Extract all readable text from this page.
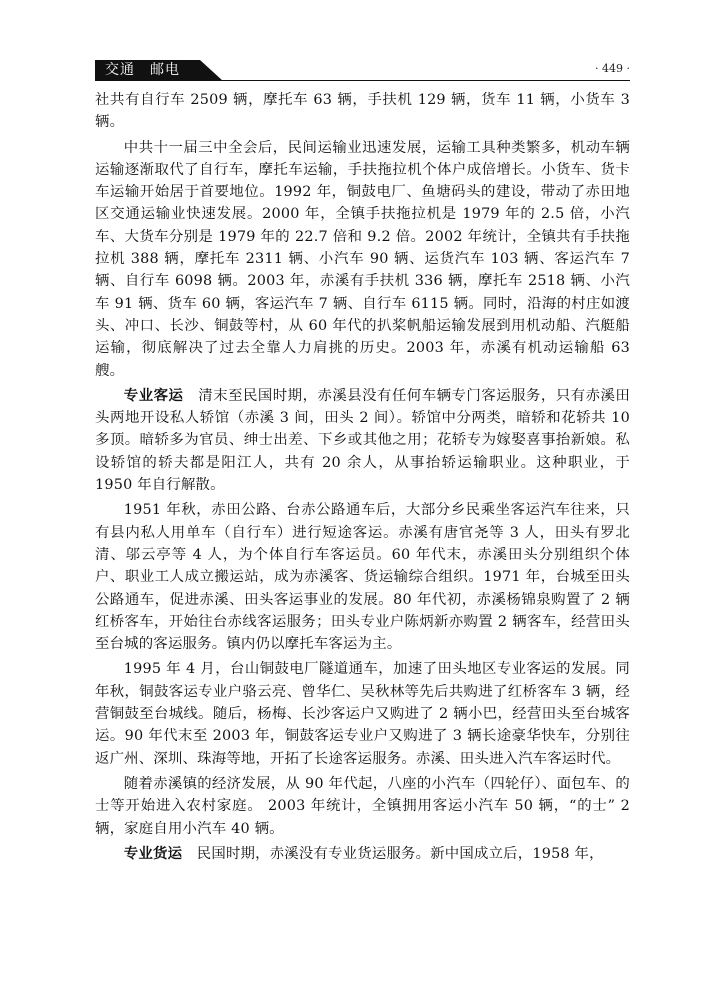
交通　邮电	· 449 ·

社共有自行车 2509 辆，摩托车 63 辆，手扶机 129 辆，货车 11 辆，小货车 3 辆。

中共十一届三中全会后，民间运输业迅速发展，运输工具种类繁多，机动车辆运输逐渐取代了自行车，摩托车运输，手扶拖拉机个体户成倍增长。小货车、货卡车运输开始居于首要地位。1992 年，铜鼓电厂、鱼塘码头的建设，带动了赤田地区交通运输业快速发展。2000 年，全镇手扶拖拉机是 1979 年的 2.5 倍，小汽车、大货车分别是 1979 年的 22.7 倍和 9.2 倍。2002 年统计，全镇共有手扶拖拉机 388 辆，摩托车 2311 辆、小汽车 90 辆、运货汽车 103 辆、客运汽车 7 辆、自行车 6098 辆。2003 年，赤溪有手扶机 336 辆，摩托车 2518 辆、小汽车 91 辆、货车 60 辆，客运汽车 7 辆、自行车 6115 辆。同时，沿海的村庄如渡头、冲口、长沙、铜鼓等村，从 60 年代的扒桨帆船运输发展到用机动船、汽艇船运输，彻底解决了过去全靠人力肩挑的历史。2003 年，赤溪有机动运输船 63 艘。

专业客运　 清末至民国时期，赤溪县没有任何车辆专门客运服务，只有赤溪田头两地开设私人轿馆（赤溪 3 间，田头 2 间）。轿馆中分两类，暗轿和花轿共 10 多顶。暗轿多为官员、绅士出差、下乡或其他之用；花轿专为嫁娶喜事抬新娘。私设轿馆的轿夫都是阳江人，共有 20 余人，从事抬轿运输职业。这种职业，于 1950 年自行解散。

1951 年秋，赤田公路、台赤公路通车后，大部分乡民乘坐客运汽车往来，只有县内私人用单车（自行车）进行短途客运。赤溪有唐官尧等 3 人，田头有罗北清、邬云亭等 4 人，为个体自行车客运员。60 年代末，赤溪田头分别组织个体户、职业工人成立搬运站，成为赤溪客、货运输综合组织。1971 年，台城至田头公路通车，促进赤溪、田头客运事业的发展。80 年代初，赤溪杨锦泉购置了 2 辆红桥客车，开始往台赤线客运服务；田头专业户陈炳新亦购置 2 辆客车，经营田头至台城的客运服务。镇内仍以摩托车客运为主。

1995 年 4 月，台山铜鼓电厂隧道通车，加速了田头地区专业客运的发展。同年秋，铜鼓客运专业户骆云亮、曾华仁、吴秋林等先后共购进了红桥客车 3 辆，经营铜鼓至台城线。随后，杨梅、长沙客运户又购进了 2 辆小巴，经营田头至台城客运。90 年代末至 2003 年，铜鼓客运专业户又购进了 3 辆长途豪华快车，分别往返广州、深圳、珠海等地，开拓了长途客运服务。赤溪、田头进入汽车客运时代。

随着赤溪镇的经济发展，从 90 年代起，八座的小汽车（四轮仔）、面包车、的士等开始进入农村家庭。 2003 年统计，全镇拥用客运小汽车 50 辆，“的士” 2 辆，家庭自用小汽车 40 辆。

专业货运　 民国时期，赤溪没有专业货运服务。新中国成立后，1958 年，
